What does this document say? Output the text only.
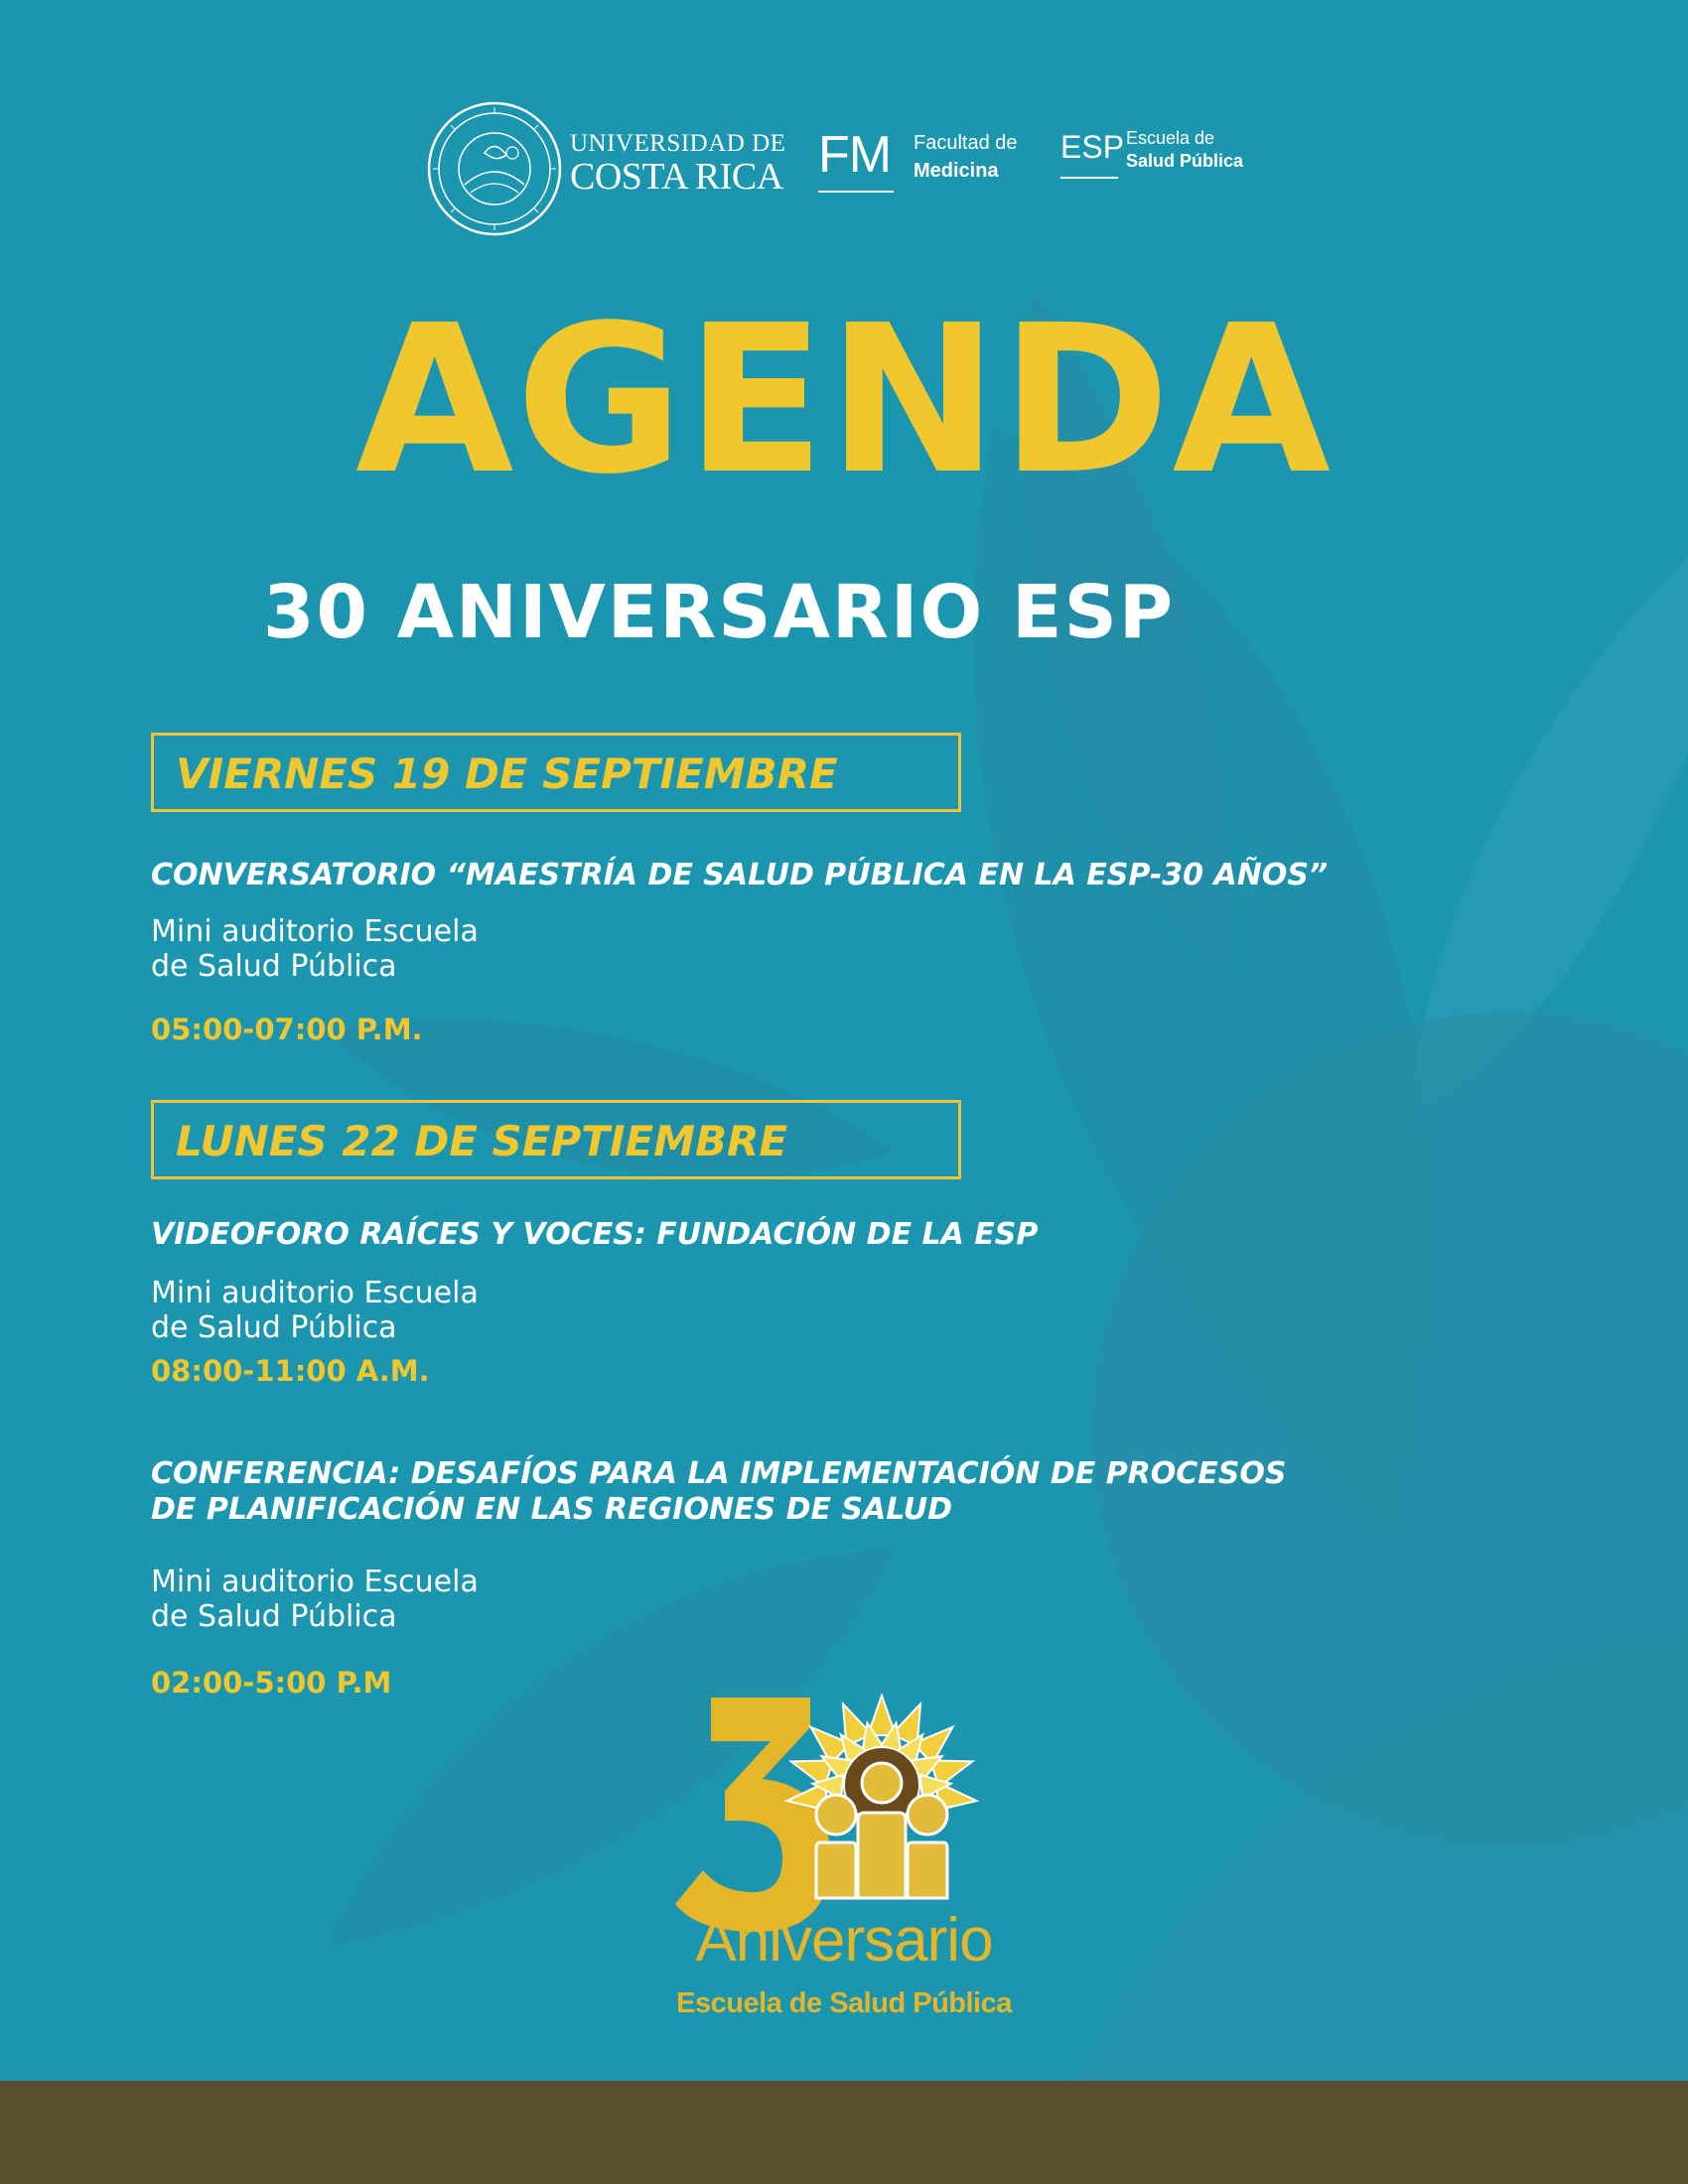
UNIVERSIDAD DE
COSTA RICA FM Facultad de
Medicina
ESP Escuela de
Salud Pública
AGENDA
30 ANIVERSARIO ESP
VIERNES 19 DE SEPTIEMBRE
CONVERSATORIO “MAESTRÍA DE SALUD PÚBLICA EN LA ESP-30 AÑOS”
Mini auditorio Escuela
de Salud Pública
05:00-07:00 P.M.
LUNES 22 DE SEPTIEMBRE
VIDEOFORO RAÍCES Y VOCES: FUNDACIÓN DE LA ESP
Mini auditorio Escuela
de Salud Pública
08:00-11:00 A.M.
CONFERENCIA: DESAFÍOS PARA LA IMPLEMENTACIÓN DE PROCESOS
DE PLANIFICACIÓN EN LAS REGIONES DE SALUD
Mini auditorio Escuela
de Salud Pública
02:00-5:00 P.M
Aniversario
Escuela de Salud Pública
